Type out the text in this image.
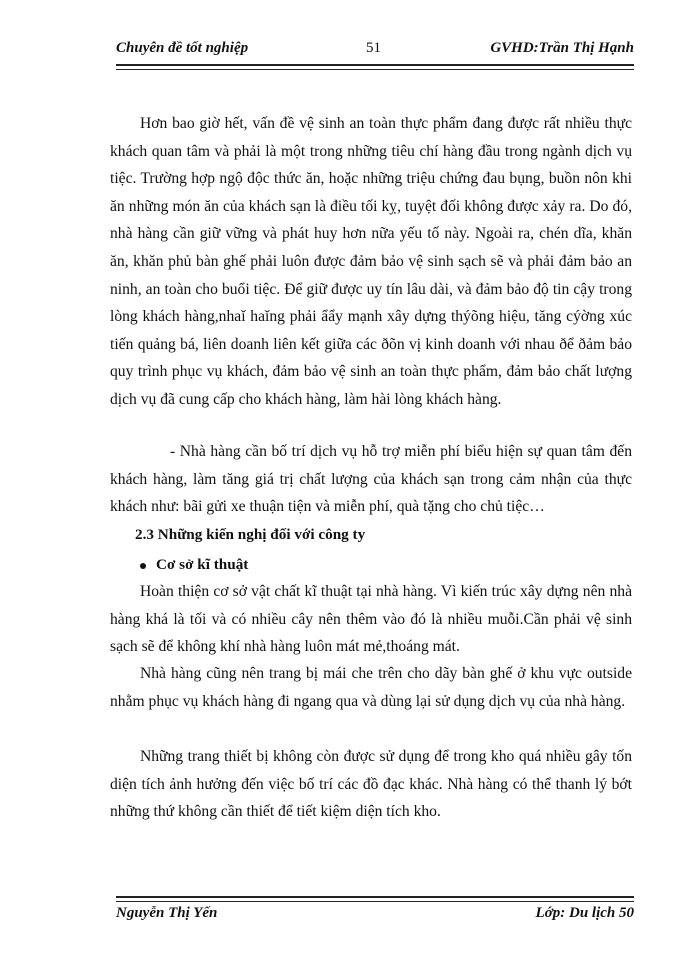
Chuyên đề tốt nghiệp	51	GVHD:Trần Thị Hạnh

Hơn bao giờ hết, vấn đề vệ sinh an toàn thực phẩm đang được rất nhiều thực khách quan tâm và phải là một trong những tiêu chí hàng đầu trong ngành dịch vụ tiệc. Trường hợp ngộ độc thức ăn, hoặc những triệu chứng đau bụng, buồn nôn khi ăn những món ăn của khách sạn là điều tối kỵ, tuyệt đối không được xảy ra. Do đó, nhà hàng cần giữ vững và phát huy hơn nữa yếu tố này. Ngoài ra, chén dĩa, khăn ăn, khăn phủ bàn ghế phải luôn được đảm bảo vệ sinh sạch sẽ và phải đảm bảo an ninh, an toàn cho buổi tiệc. Để giữ được uy tín lâu dài, và đảm bảo độ tin cậy trong lòng khách hàng,nhaǐ haǐng phải ẩẩy mạnh xây dựng thýõng hiệu, tăng cýờng xúc tiến quảng bá, liên doanh liên kết giữa các ðõn vị kinh doanh với nhau ðể ðảm bảo quy trình phục vụ khách, đảm bảo vệ sinh an toàn thực phẩm, đảm bảo chất lượng dịch vụ đã cung cấp cho khách hàng, làm hài lòng khách hàng.

- Nhà hàng cần bố trí dịch vụ hỗ trợ miễn phí biểu hiện sự quan tâm đến khách hàng, làm tăng giá trị chất lượng của khách sạn trong cảm nhận của thực khách như: bãi gửi xe thuận tiện và miễn phí, quà tặng cho chủ tiệc…

2.3 Những kiến nghị đối với công ty
Cơ sở kĩ thuật

Hoàn thiện cơ sở vật chất kĩ thuật tại nhà hàng. Vì kiến trúc xây dựng nên nhà hàng khá là tối và có nhiều cây nên thêm vào đó là nhiều muỗi.Cần phải vệ sinh sạch sẽ để không khí nhà hàng luôn mát mẻ,thoáng mát.

Nhà hàng cũng nên trang bị mái che trên cho dãy bàn ghế ở khu vực outside nhằm phục vụ khách hàng đi ngang qua và dùng lại sử dụng dịch vụ của nhà hàng.

Những trang thiết bị không còn được sử dụng để trong kho quá nhiều gây tốn diện tích ảnh hưởng đến việc bố trí các đồ đạc khác. Nhà hàng có thể thanh lý bớt những thứ không cần thiết để tiết kiệm diện tích kho.

Nguyễn Thị Yến	Lớp: Du lịch 50
